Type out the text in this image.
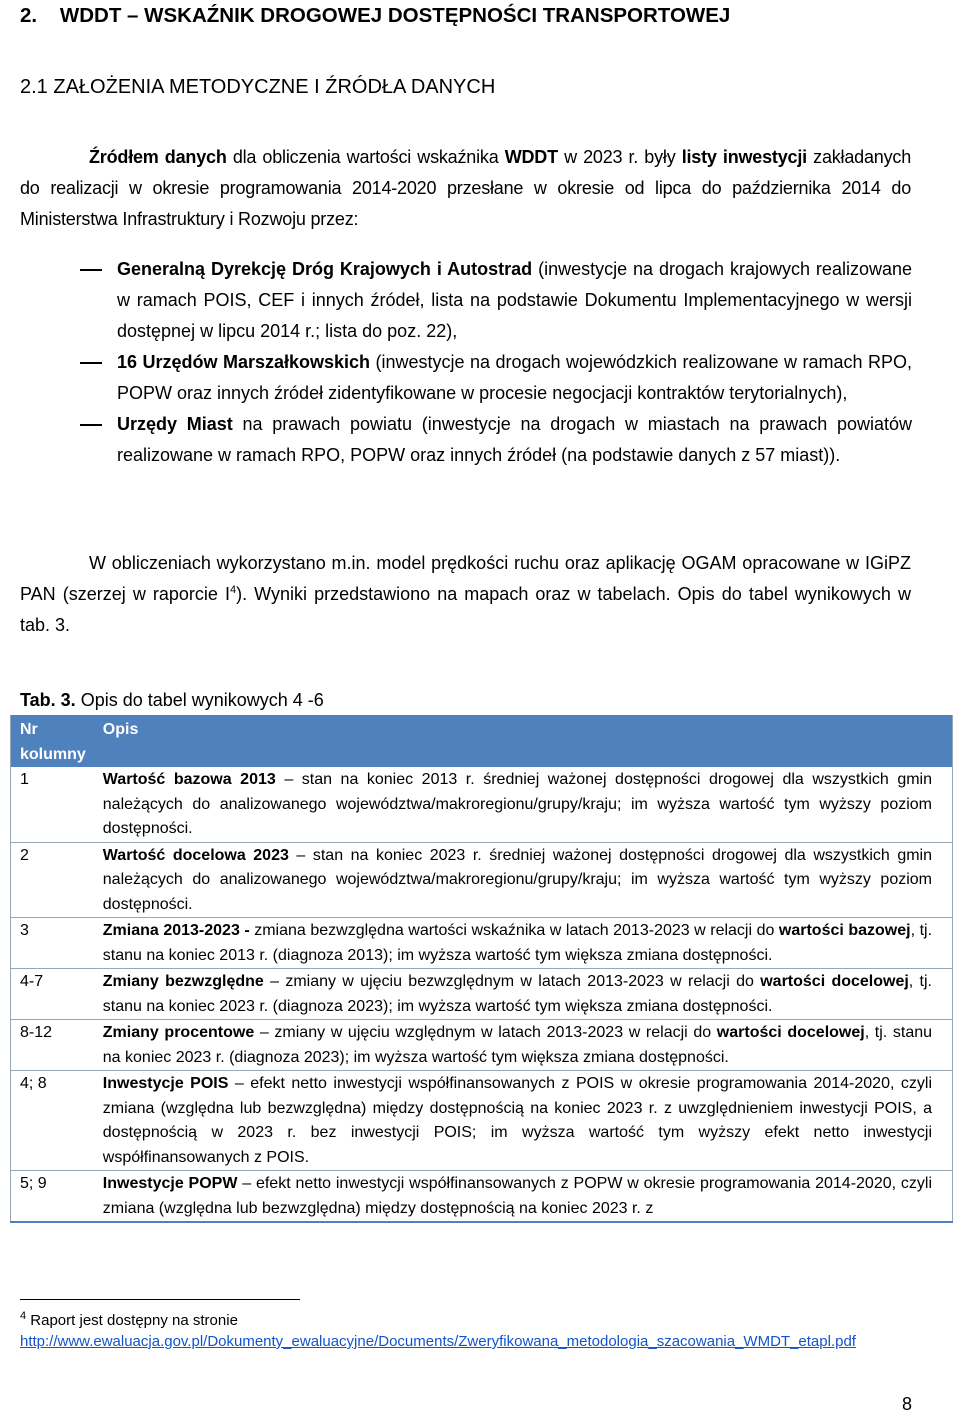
2.    WDDT – WSKAŹNIK DROGOWEJ DOSTĘPNOŚCI TRANSPORTOWEJ
2.1 ZAŁOŻENIA METODYCZNE I ŹRÓDŁA DANYCH
Źródłem danych dla obliczenia wartości wskaźnika WDDT w 2023 r. były listy inwestycji zakładanych do realizacji w okresie programowania 2014-2020 przesłane w okresie od lipca do października 2014 do Ministerstwa Infrastruktury i Rozwoju przez:
Generalną Dyrekcję Dróg Krajowych i Autostrad (inwestycje na drogach krajowych realizowane w ramach POIS, CEF i innych źródeł, lista na podstawie Dokumentu Implementacyjnego w wersji dostępnej w lipcu 2014 r.; lista do poz. 22),
16 Urzędów Marszałkowskich (inwestycje na drogach wojewódzkich realizowane w ramach RPO, POPW oraz innych źródeł zidentyfikowane w procesie negocjacji kontraktów terytorialnych),
Urzędy Miast na prawach powiatu (inwestycje na drogach w miastach na prawach powiatów realizowane w ramach RPO, POPW oraz innych źródeł (na podstawie danych z 57 miast)).
W obliczeniach wykorzystano m.in. model prędkości ruchu oraz aplikację OGAM opracowane w IGiPZ PAN (szerzej w raporcie $I^4$). Wyniki przedstawiono na mapach oraz w tabelach. Opis do tabel wynikowych w tab. 3.
Tab. 3. Opis do tabel wynikowych 4 -6
Nr kolumny	Opis
1	Wartość bazowa 2013 – stan na koniec 2013 r. średniej ważonej dostępności drogowej dla wszystkich gmin należących do analizowanego województwa/makroregionu/grupy/kraju; im wyższa wartość tym wyższy poziom dostępności.
2	Wartość docelowa 2023 – stan na koniec 2023 r. średniej ważonej dostępności drogowej dla wszystkich gmin należących do analizowanego województwa/makroregionu/grupy/kraju; im wyższa wartość tym wyższy poziom dostępności.
3	Zmiana 2013-2023 - zmiana bezwzględna wartości wskaźnika w latach 2013-2023 w relacji do wartości bazowej, tj. stanu na koniec 2013 r. (diagnoza 2013); im wyższa wartość tym większa zmiana dostępności.
4-7	Zmiany bezwzględne – zmiany w ujęciu bezwzględnym w latach 2013-2023 w relacji do wartości docelowej, tj. stanu na koniec 2023 r. (diagnoza 2023); im wyższa wartość tym większa zmiana dostępności.
8-12	Zmiany procentowe – zmiany w ujęciu względnym w latach 2013-2023 w relacji do wartości docelowej, tj. stanu na koniec 2023 r. (diagnoza 2023); im wyższa wartość tym większa zmiana dostępności.
4; 8	Inwestycje POIS – efekt netto inwestycji współfinansowanych z POIS w okresie programowania 2014-2020, czyli zmiana (względna lub bezwzględna) między dostępnością na koniec 2023 r. z uwzględnieniem inwestycji POIS, a dostępnością w 2023 r. bez inwestycji POIS; im wyższa wartość tym wyższy efekt netto inwestycji współfinansowanych z POIS.
5; 9	Inwestycje POPW – efekt netto inwestycji współfinansowanych z POPW w okresie programowania 2014-2020, czyli zmiana (względna lub bezwzględna) między dostępnością na koniec 2023 r. z
$^4$ Raport jest dostępny na stronie
http://www.ewaluacja.gov.pl/Dokumenty_ewaluacyjne/Documents/Zweryfikowana_metodologia_szacowania_WMDT_etapl.pdf
8
